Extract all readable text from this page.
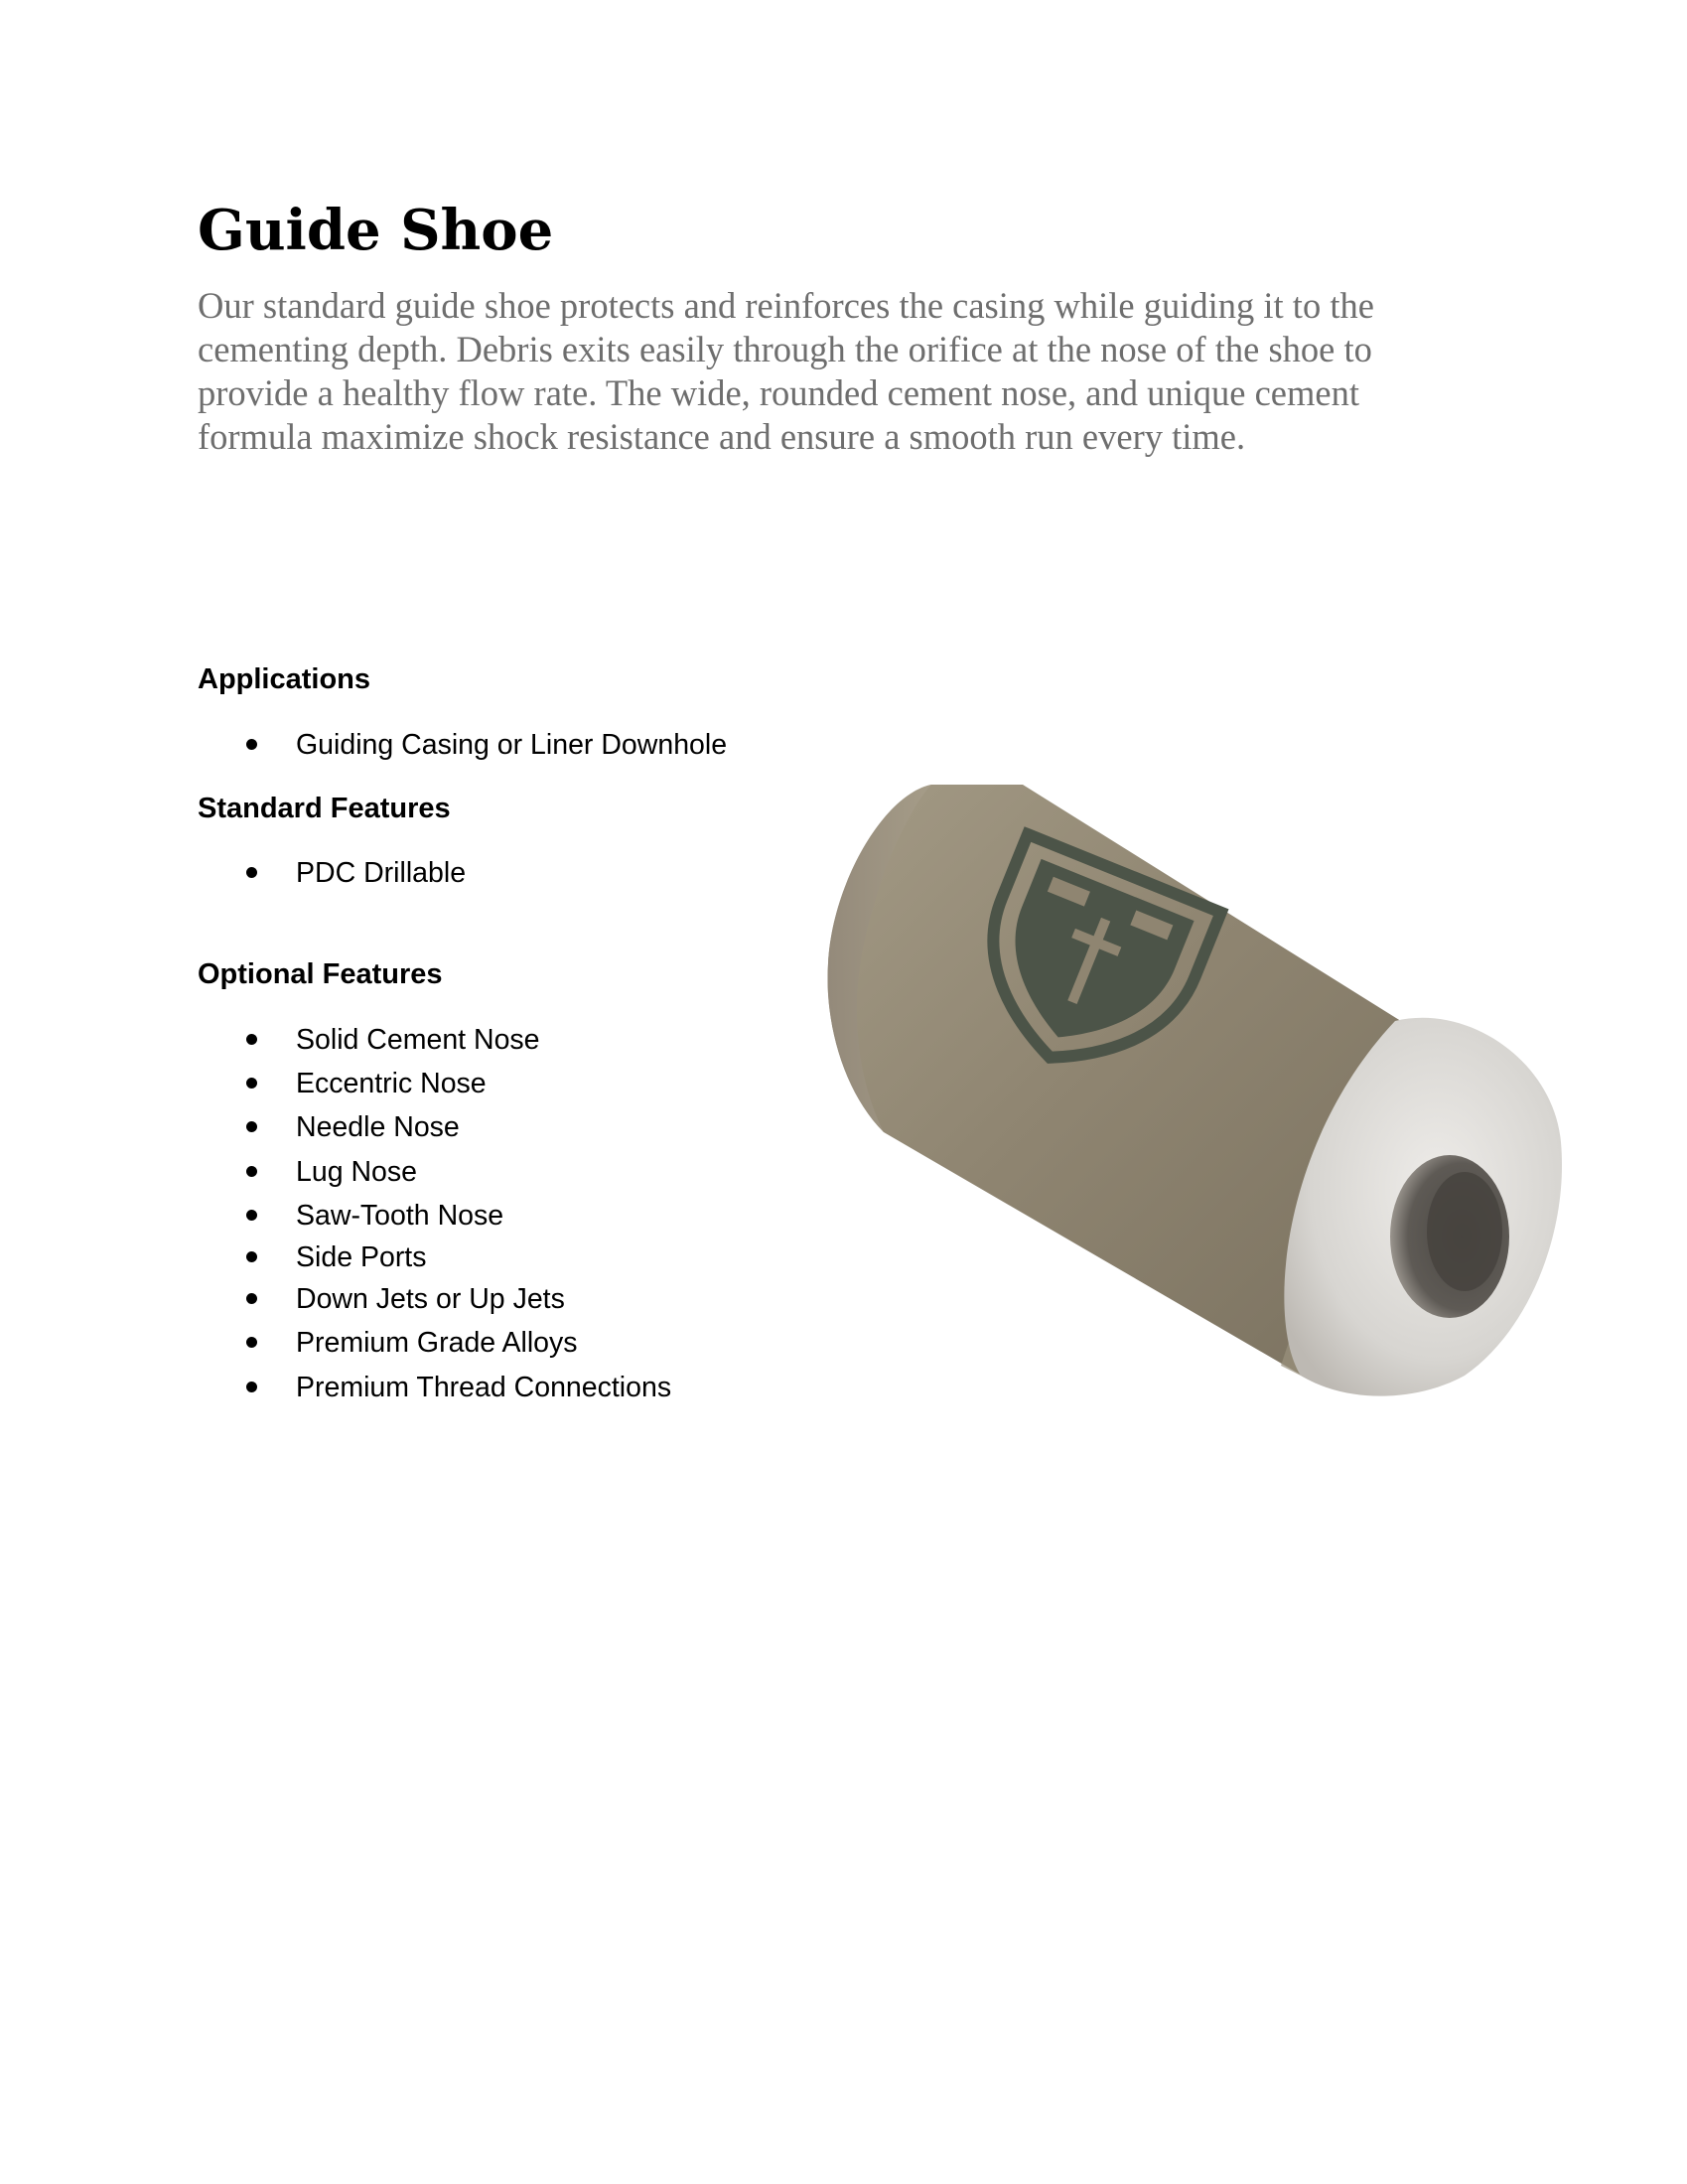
Guide Shoe

Our standard guide shoe protects and reinforces the casing while guiding it to the
cementing depth. Debris exits easily through the orifice at the nose of the shoe to
provide a healthy flow rate. The wide, rounded cement nose, and unique cement
formula maximize shock resistance and ensure a smooth run every time.

Applications
Guiding Casing or Liner Downhole
Standard Features
PDC Drillable
Optional Features
Solid Cement Nose
Eccentric Nose
Needle Nose
Lug Nose
Saw-Tooth Nose
Side Ports
Down Jets or Up Jets
Premium Grade Alloys
Premium Thread Connections
